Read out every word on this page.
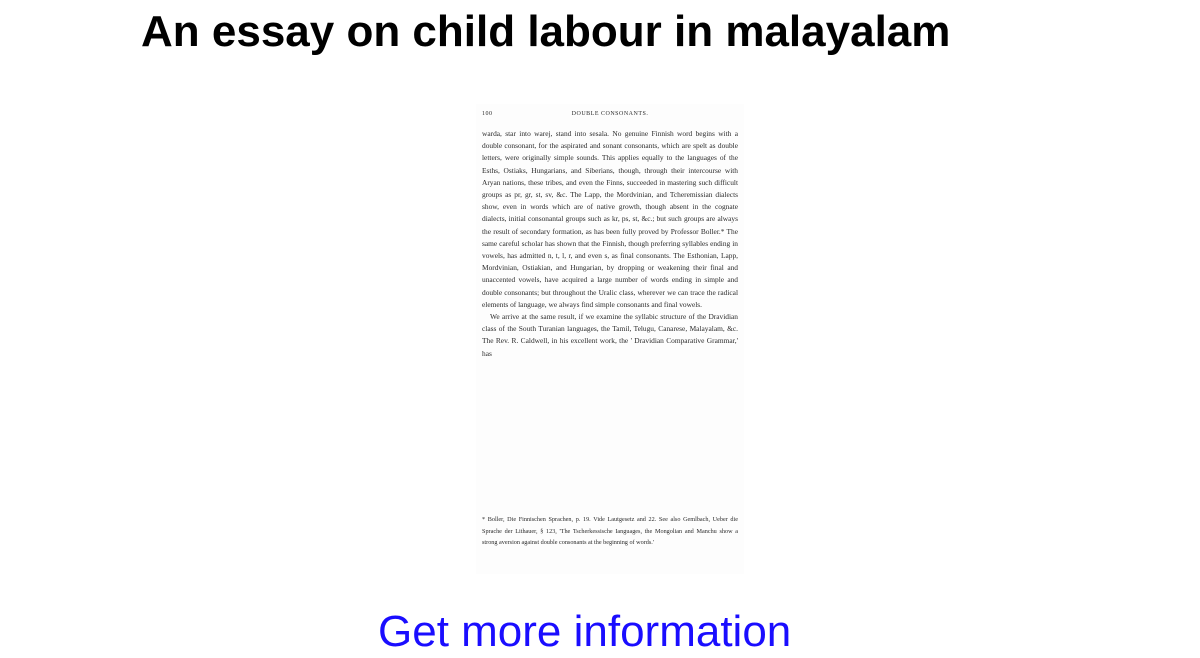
An essay on child labour in malayalam
100	DOUBLE CONSONANTS.

warda, star into warej, stand into sesala. No genuine Finnish word begins with a double consonant, for the aspirated and sonant consonants, which are spelt as double letters, were originally simple sounds. This applies equally to the languages of the Esths, Ostiaks, Hungarians, and Siberians, though, through their intercourse with Aryan nations, these tribes, and even the Finns, succeeded in mastering such difficult groups as pr, gr, st, sv, &c. The Lapp, the Mordvinian, and Tcheremissian dialects show, even in words which are of native growth, though absent in the cognate dialects, initial consonantal groups such as kr, ps, st, &c.; but such groups are always the result of secondary formation, as has been fully proved by Professor Boller.* The same careful scholar has shown that the Finnish, though preferring syllables ending in vowels, has admitted n, t, l, r, and even s, as final consonants. The Esthonian, Lapp, Mordvinian, Ostiakian, and Hungarian, by dropping or weakening their final and unaccented vowels, have acquired a large number of words ending in simple and double consonants; but throughout the Uralic class, wherever we can trace the radical elements of language, we always find simple consonants and final vowels.

We arrive at the same result, if we examine the syllabic structure of the Dravidian class of the South Turanian languages, the Tamil, Telugu, Canarese, Malayalam, &c. The Rev. R. Caldwell, in his excellent work, the ' Dravidian Comparative Grammar,' has

* Boller, Die Finnischen Sprachen, p. 19. Vide Lautgesetz and 22. See also Gemlbach, Ueber die Sprache der Lithauer, § 123, 'The Tscherkessische Ianguages, the Mongolian and Manchu show a strong aversion against double consonants at the beginning of words.'
Get more information
